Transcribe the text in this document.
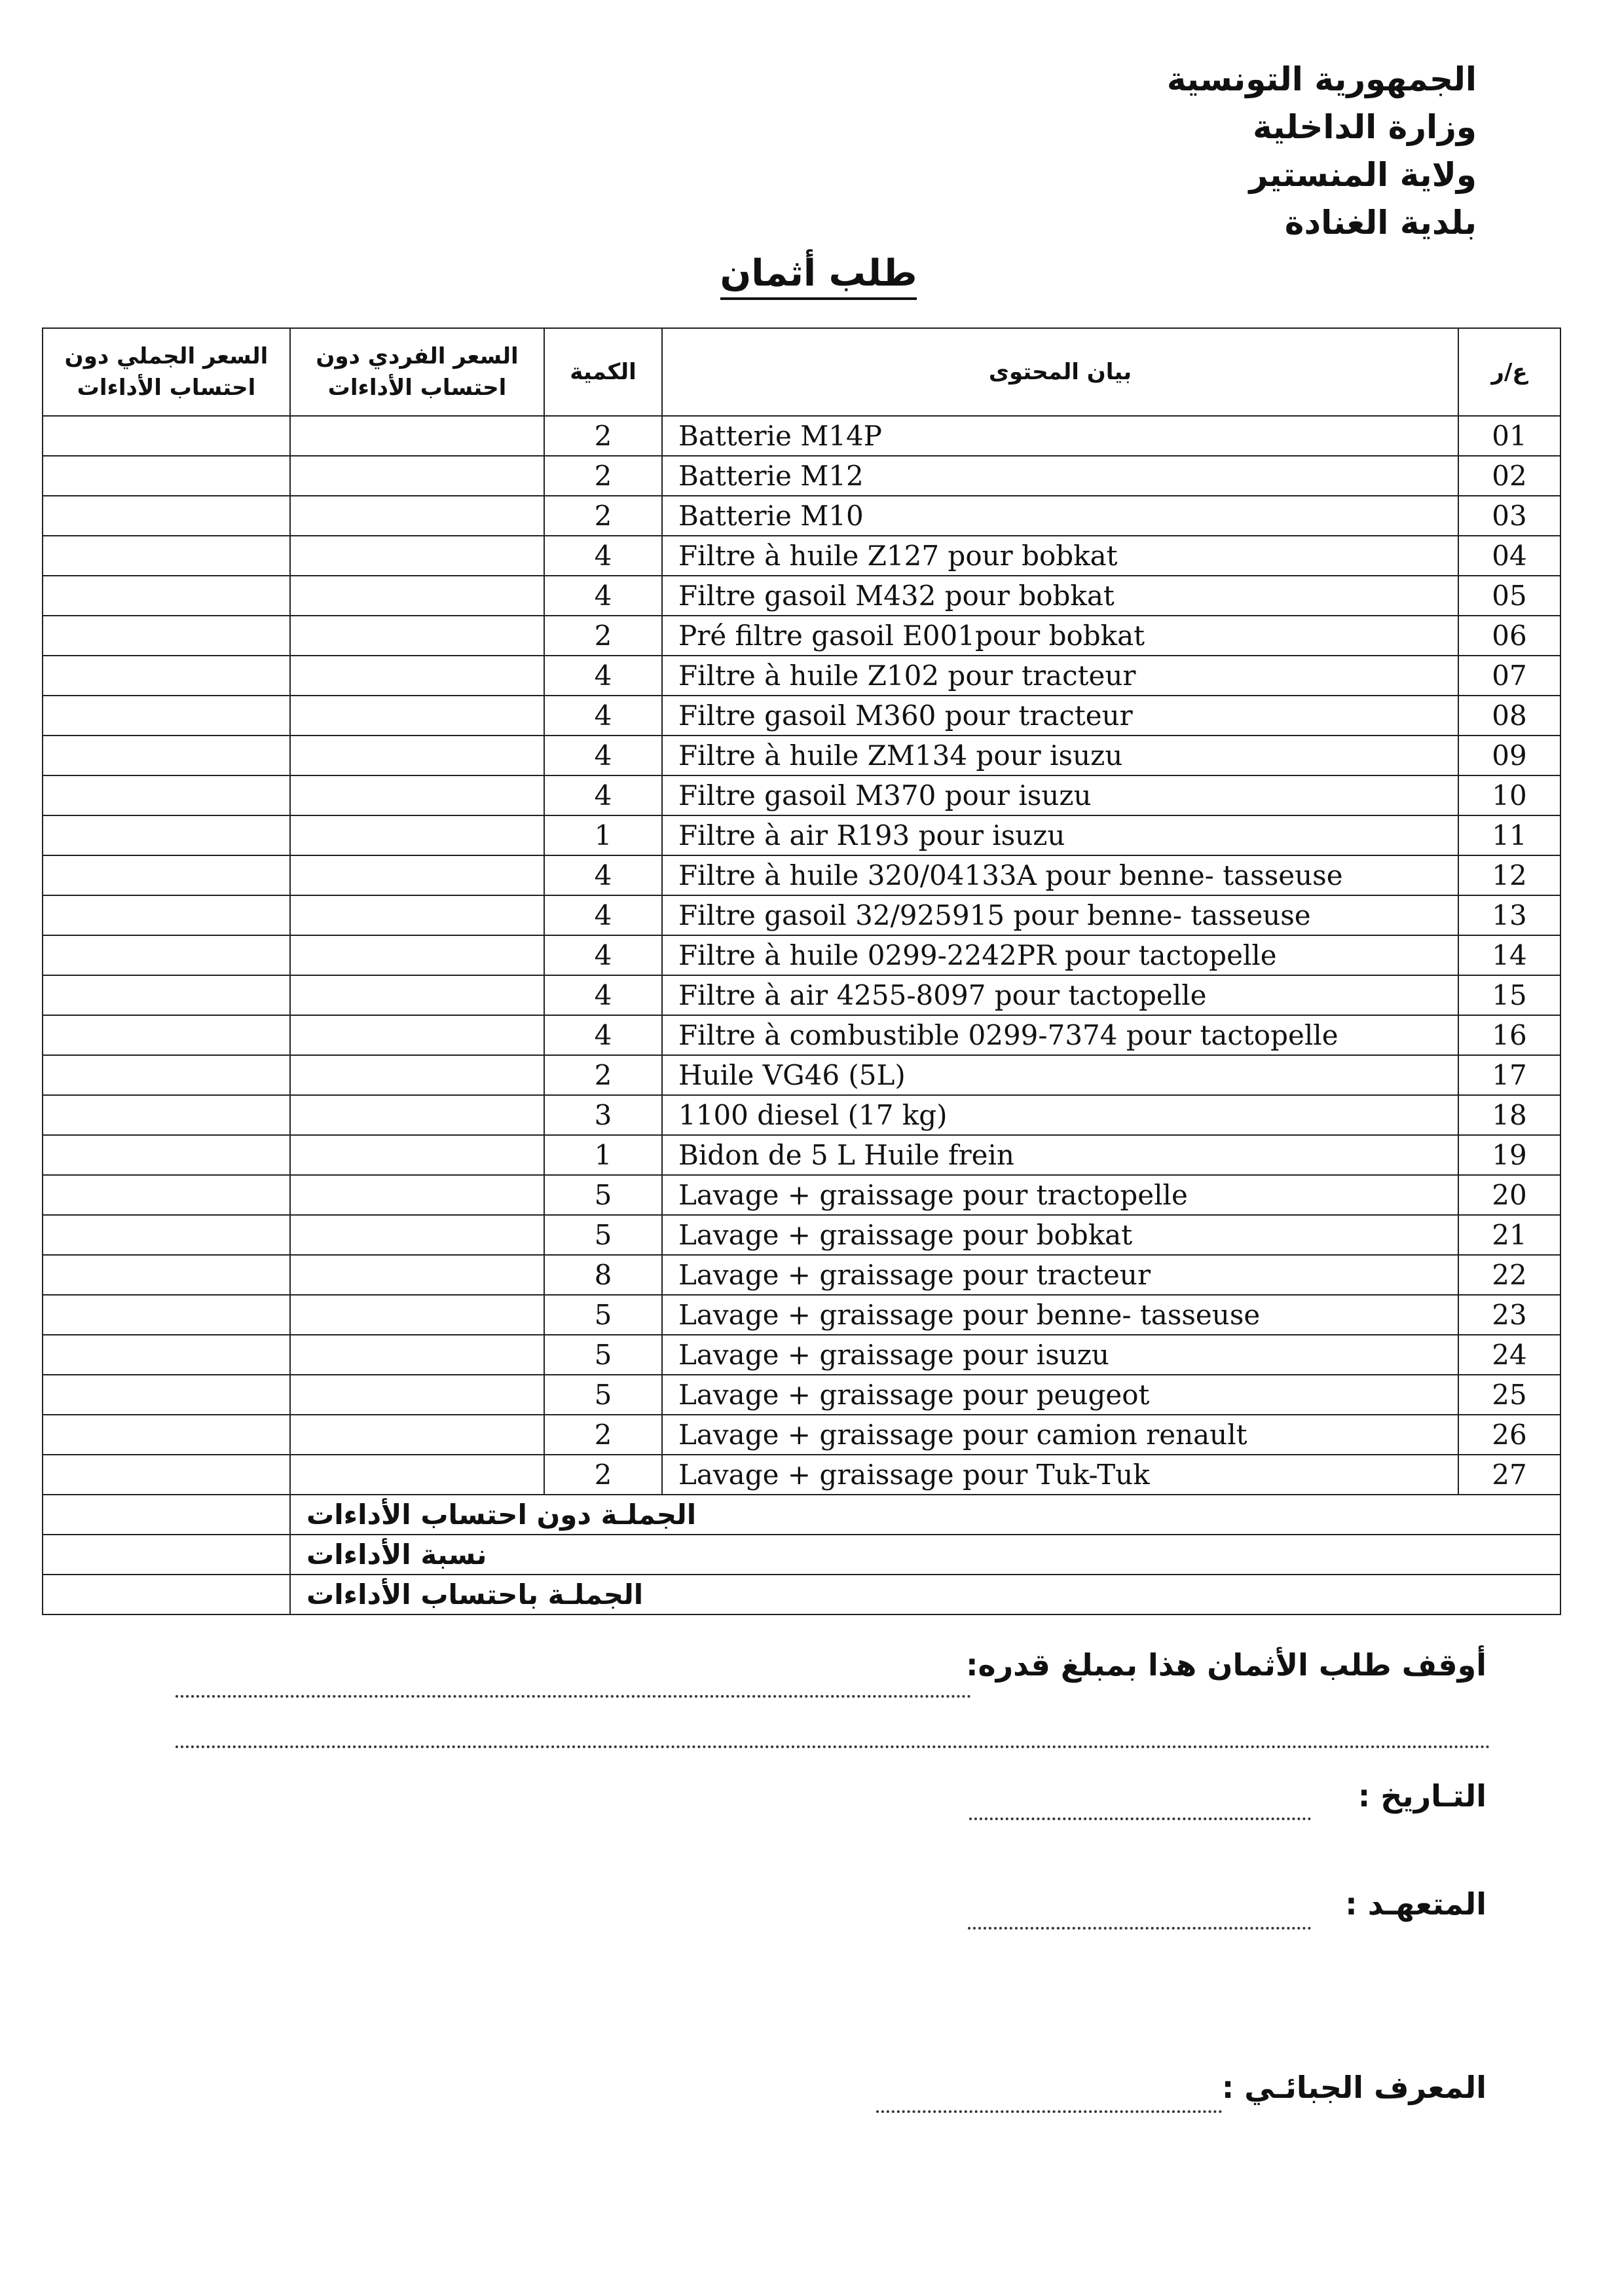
الجمهورية التونسية
وزارة الداخلية
ولاية المنستير
بلدية الغنادة
طلب أثمان
السعر الجملي دون احتساب الأداءات	السعر الفردي دون احتساب الأداءات	الكمية	بيان المحتوى	ع/ر
		2	Batterie M14P	01
		2	Batterie M12	02
		2	Batterie M10	03
		4	Filtre à huile Z127 pour bobkat	04
		4	Filtre gasoil M432 pour bobkat	05
		2	Pré filtre gasoil E001pour bobkat	06
		4	Filtre à huile Z102 pour tracteur	07
		4	Filtre gasoil M360 pour tracteur	08
		4	Filtre à huile ZM134 pour isuzu	09
		4	Filtre gasoil M370 pour isuzu	10
		1	Filtre à air R193 pour isuzu	11
		4	Filtre à huile 320/04133A pour benne- tasseuse	12
		4	Filtre gasoil 32/925915 pour benne- tasseuse	13
		4	Filtre à huile 0299-2242PR pour tactopelle	14
		4	Filtre à air 4255-8097 pour tactopelle	15
		4	Filtre à combustible 0299-7374 pour tactopelle	16
		2	Huile VG46 (5L)	17
		3	1100 diesel (17 kg)	18
		1	Bidon de 5 L Huile frein	19
		5	Lavage + graissage pour tractopelle	20
		5	Lavage + graissage pour bobkat	21
		8	Lavage + graissage pour tracteur	22
		5	Lavage + graissage pour benne- tasseuse	23
		5	Lavage + graissage pour isuzu	24
		5	Lavage + graissage pour peugeot	25
		2	Lavage + graissage pour camion renault	26
		2	Lavage + graissage pour Tuk-Tuk	27
	الجملـة دون احتساب الأداءات			
	نسبة الأداءات			
	الجملـة باحتساب الأداءات			
أوقف طلب الأثمان هذا بمبلغ قدره:
التـاريخ :
المتعهـد :
المعرف الجبائـي :
